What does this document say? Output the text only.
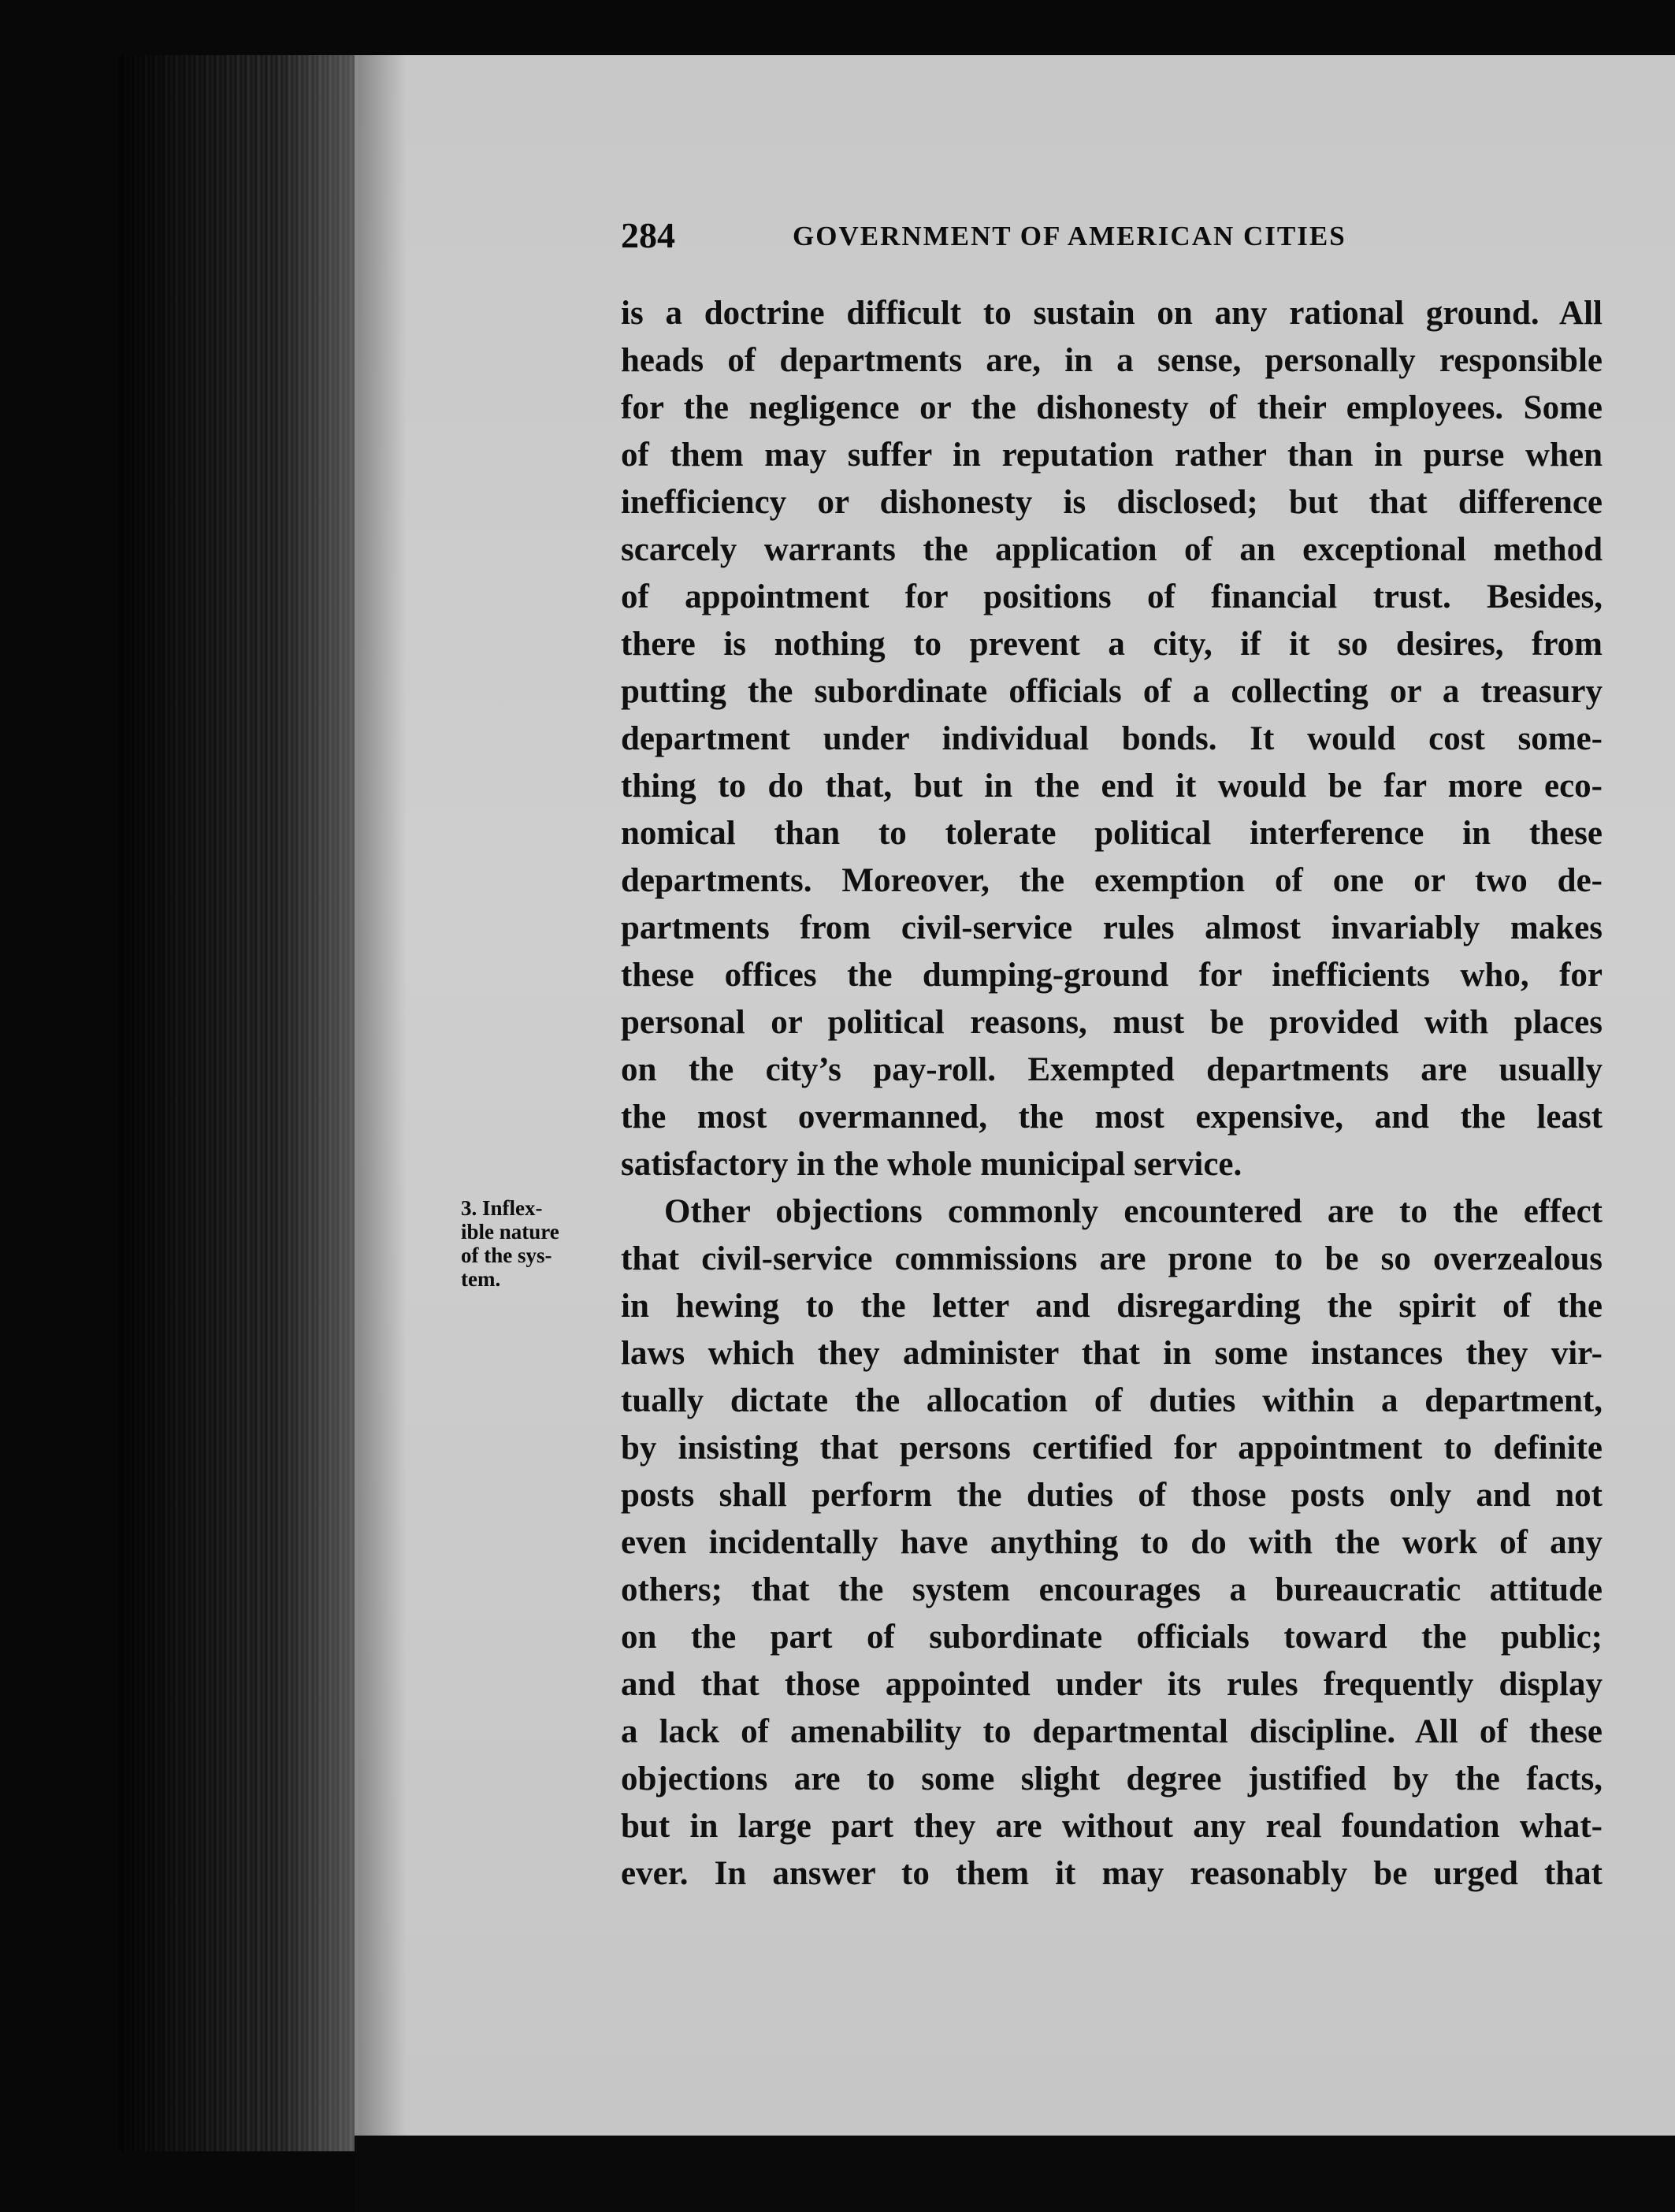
284	GOVERNMENT OF AMERICAN CITIES
3. Inflex-
ible nature
of the sys-
tem.
is a doctrine difficult to sustain on any rational ground. All
heads of departments are, in a sense, personally responsible
for the negligence or the dishonesty of their employees. Some
of them may suffer in reputation rather than in purse when
inefficiency or dishonesty is disclosed; but that difference
scarcely warrants the application of an exceptional method
of appointment for positions of financial trust. Besides,
there is nothing to prevent a city, if it so desires, from
putting the subordinate officials of a collecting or a treasury
department under individual bonds. It would cost some-
thing to do that, but in the end it would be far more eco-
nomical than to tolerate political interference in these
departments. Moreover, the exemption of one or two de-
partments from civil-service rules almost invariably makes
these offices the dumping-ground for inefficients who, for
personal or political reasons, must be provided with places
on the city’s pay-roll. Exempted departments are usually
the most overmanned, the most expensive, and the least
satisfactory in the whole municipal service.
Other objections commonly encountered are to the effect
that civil-service commissions are prone to be so overzealous
in hewing to the letter and disregarding the spirit of the
laws which they administer that in some instances they vir-
tually dictate the allocation of duties within a department,
by insisting that persons certified for appointment to definite
posts shall perform the duties of those posts only and not
even incidentally have anything to do with the work of any
others; that the system encourages a bureaucratic attitude
on the part of subordinate officials toward the public;
and that those appointed under its rules frequently display
a lack of amenability to departmental discipline. All of these
objections are to some slight degree justified by the facts,
but in large part they are without any real foundation what-
ever. In answer to them it may reasonably be urged that
